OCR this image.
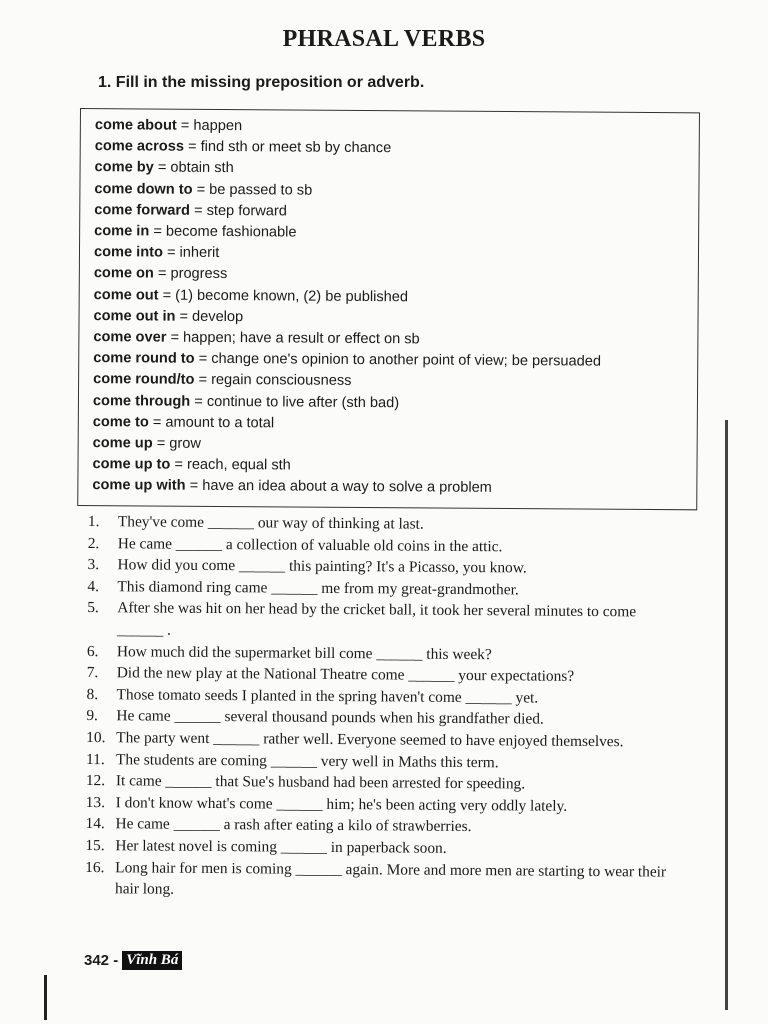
PHRASAL VERBS
1. Fill in the missing preposition or adverb.
come about = happen
come across = find sth or meet sb by chance
come by = obtain sth
come down to = be passed to sb
come forward = step forward
come in = become fashionable
come into = inherit
come on = progress
come out = (1) become known, (2) be published
come out in = develop
come over = happen; have a result or effect on sb
come round to = change one's opinion to another point of view; be persuaded
come round/to = regain consciousness
come through = continue to live after (sth bad)
come to = amount to a total
come up = grow
come up to = reach, equal sth
come up with = have an idea about a way to solve a problem
1.	They've come ______ our way of thinking at last.
2.	He came ______ a collection of valuable old coins in the attic.
3.	How did you come ______ this painting? It's a Picasso, you know.
4.	This diamond ring came ______ me from my great-grandmother.
5.	After she was hit on her head by the cricket ball, it took her several minutes to come ______ .
6.	How much did the supermarket bill come ______ this week?
7.	Did the new play at the National Theatre come ______ your expectations?
8.	Those tomato seeds I planted in the spring haven't come ______ yet.
9.	He came ______ several thousand pounds when his grandfather died.
10. The party went ______ rather well. Everyone seemed to have enjoyed themselves.
11. The students are coming ______ very well in Maths this term.
12. It came ______ that Sue's husband had been arrested for speeding.
13. I don't know what's come ______ him; he's been acting very oddly lately.
14. He came ______ a rash after eating a kilo of strawberries.
15. Her latest novel is coming ______ in paperback soon.
16. Long hair for men is coming ______ again. More and more men are starting to wear their hair long.
342 - Vĩnh Bá
